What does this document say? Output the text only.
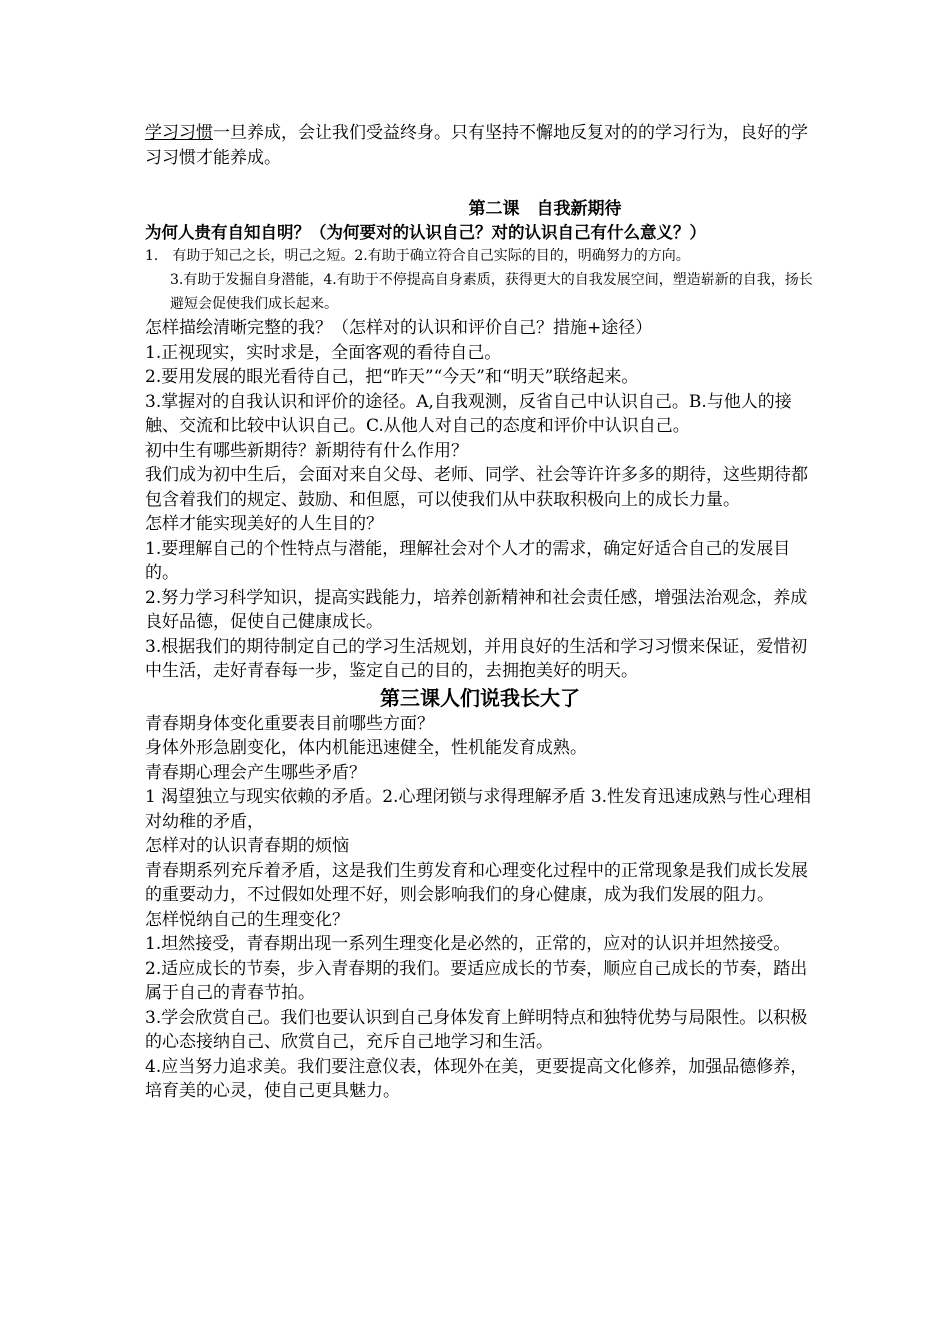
学习习惯一旦养成，会让我们受益终身。只有坚持不懈地反复对的的学习行为，良好的学习习惯才能养成。

第二课　自我新期待

为何人贵有自知自明？（为何要对的认识自己？对的认识自己有什么意义？）

1.　有助于知己之长，明己之短。2.有助于确立符合自己实际的目的，明确努力的方向。

3.有助于发掘自身潜能，4.有助于不停提高自身素质，获得更大的自我发展空间，塑造崭新的自我，扬长避短会促使我们成长起来。

怎样描绘清晰完整的我？（怎样对的认识和评价自己？措施+途径）

1.正视现实，实时求是，全面客观的看待自己。

2.要用发展的眼光看待自己，把“昨天”“今天”和“明天”联络起来。

3.掌握对的自我认识和评价的途径。A,自我观测，反省自己中认识自己。B.与他人的接触、交流和比较中认识自己。C.从他人对自己的态度和评价中认识自己。

初中生有哪些新期待？新期待有什么作用？

我们成为初中生后，会面对来自父母、老师、同学、社会等许许多多的期待，这些期待都包含着我们的规定、鼓励、和但愿，可以使我们从中获取积极向上的成长力量。

怎样才能实现美好的人生目的？

1.要理解自己的个性特点与潜能，理解社会对个人才的需求，确定好适合自己的发展目的。

2.努力学习科学知识，提高实践能力，培养创新精神和社会责任感，增强法治观念，养成良好品德，促使自己健康成长。

3.根据我们的期待制定自己的学习生活规划，并用良好的生活和学习习惯来保证，爱惜初中生活，走好青春每一步，鉴定自己的目的，去拥抱美好的明天。

第三课人们说我长大了

青春期身体变化重要表目前哪些方面？

身体外形急剧变化，体内机能迅速健全，性机能发育成熟。

青春期心理会产生哪些矛盾？

1 渴望独立与现实依赖的矛盾。2.心理闭锁与求得理解矛盾 3.性发育迅速成熟与性心理相对幼稚的矛盾，

怎样对的认识青春期的烦恼

青春期系列充斥着矛盾，这是我们生剪发育和心理变化过程中的正常现象是我们成长发展的重要动力，不过假如处理不好，则会影响我们的身心健康，成为我们发展的阻力。

怎样悦纳自己的生理变化？

1.坦然接受，青春期出现一系列生理变化是必然的，正常的，应对的认识并坦然接受。

2.适应成长的节奏，步入青春期的我们。要适应成长的节奏，顺应自己成长的节奏，踏出属于自己的青春节拍。

3.学会欣赏自己。我们也要认识到自己身体发育上鲜明特点和独特优势与局限性。以积极的心态接纳自己、欣赏自己，充斥自己地学习和生活。

4.应当努力追求美。我们要注意仪表，体现外在美，更要提高文化修养，加强品德修养，培育美的心灵，使自己更具魅力。
